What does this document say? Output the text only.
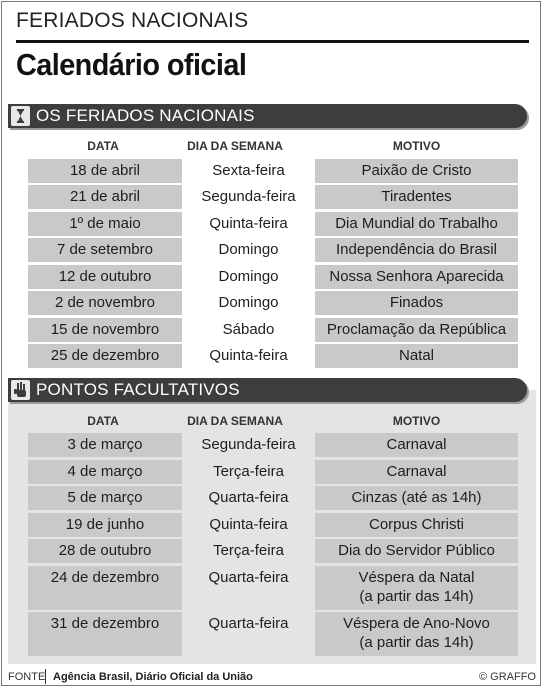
FERIADOS NACIONAIS
Calendário oficial
OS FERIADOS NACIONAIS
DATA	DIA DA SEMANA	MOTIVO
18 de abril	Sexta-feira	Paixão de Cristo
21 de abril	Segunda-feira	Tiradentes
1º de maio	Quinta-feira	Dia Mundial do Trabalho
7 de setembro	Domingo	Independência do Brasil
12 de outubro	Domingo	Nossa Senhora Aparecida
2 de novembro	Domingo	Finados
15 de novembro	Sábado	Proclamação da República
25 de dezembro	Quinta-feira	Natal
PONTOS FACULTATIVOS
DATA	DIA DA SEMANA	MOTIVO
3 de março	Segunda-feira	Carnaval
4 de março	Terça-feira	Carnaval
5 de março	Quarta-feira	Cinzas (até as 14h)
19 de junho	Quinta-feira	Corpus Christi
28 de outubro	Terça-feira	Dia do Servidor Público
24 de dezembro	Quarta-feira	Véspera da Natal
(a partir das 14h)
31 de dezembro	Quarta-feira	Véspera de Ano-Novo
(a partir das 14h)
FONTE Agência Brasil, Diário Oficial da União	© GRAFFO
